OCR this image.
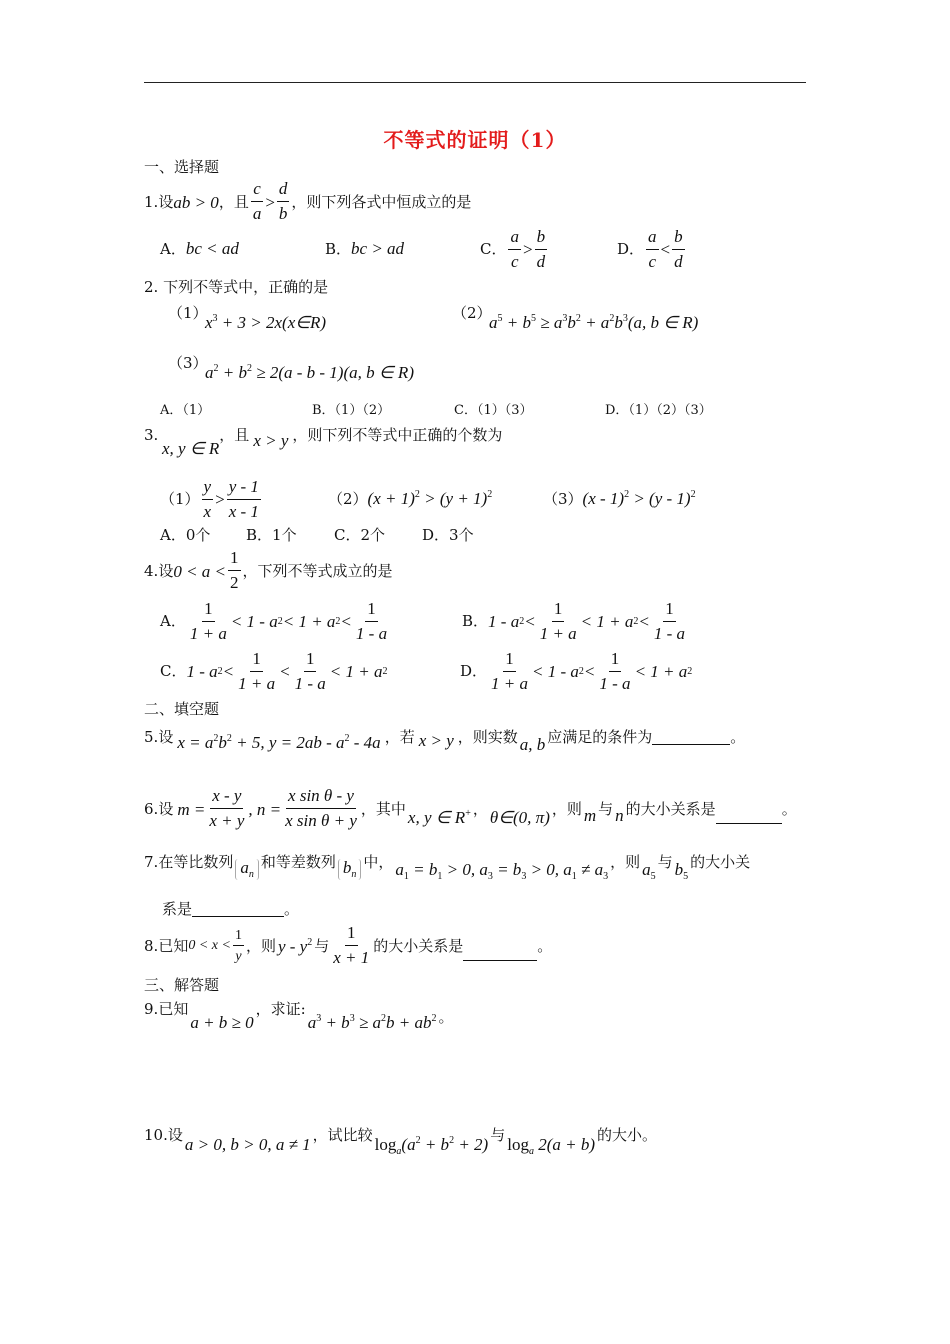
不等式的证明（1）
一、选择题
1. 设 ab > 0 ，且 $\frac{c}{a} > \frac{d}{b}$ ，则下列各式中恒成立的是
A．bc < ad	B．bc > ad	C． $\frac{a}{c} > \frac{b}{d}$	D． $\frac{a}{c} < \frac{b}{d}$
2. 下列不等式中，正确的是
（1）
$x^3 + 3$ > 2x(x∈R)	（2）
$a^5 + b^5 \ge a^3b^2 + a^2b^3(a$, b ∈ R)
（3）
$a^2 + b^2 \ge 2(a - b - 1)(a$, b ∈ R)
A．（1）	B．（1）（2）	C．（1）（3）	D．（1）（2）（3）
3.
x, y ∈ R
，且 x > y ，则下列不等式中正确的个数为
$(1) \frac{y}{x} > \frac{y - 1}{x - 1}$	$(2)(x + 1)^2 > (y + 1)^2$	（3）(x - 1)$^2$ > (y - 1)$^2$
A．0个 B．1个 C．2个 D．3个
4. 设 $0 < a < \frac{1}{2}$ ，下列不等式成立的是
A． $\frac{1}{1 + a} < 1 - a$ 2 < 1 + a $2 < \frac{1}{1 - a}$	B． 1 - a $2 < \frac{1}{1 + a} < 1 + a$ $2 < \frac{1}{1 - a}$
C． 1 - a $2 < \frac{1}{1 + a} < \frac{1}{1 - a} < 1 + a$ 2	D． $\frac{1}{1 + a} < 1 - a$ $2 < \frac{1}{1 - a} < 1 + a$ 2
二、填空题
5. 设 $x = a^2b^2 + 5$, $y = 2ab - a^2 - 4a$ ，若 x > y ，则实数 a, b 应满足的条件为	。
6. 设 $m = \frac{x - y}{x + y}$ , $n = \frac{\text{x sin θ - y}}{\text{x sin θ + y}}$ ，其中 x, y ∈ R+ ， θ∈(0, π) ，则 m 与 n 的大小关系是	。
7. 在等比数列 $a_n$
和等差数列 $b_n$
中， $a_1 = b_1 > 0$, $a_3 = b_3 > 0$, $a_1 \ne a_3$
，则 $a_5$
与 $b_5$
的大小关
系是	。
8. 已知 $0 < x < \frac{1}{y}$ ，则 y - $y^2$ 与 $\frac{1}{x + 1}$ 的大小关系是	。
三、解答题
9. 已知
a + b ≥ 0
，求证:
$a^3 + b^3 \ge a^2b + ab^2$ 。
10. 设 a > 0, b > 0, a ≠ 1 ，试比较 $\log_a(a^2 + b^2 + 2)$ 与 $\log_a 2(a + b)$ 的大小。
